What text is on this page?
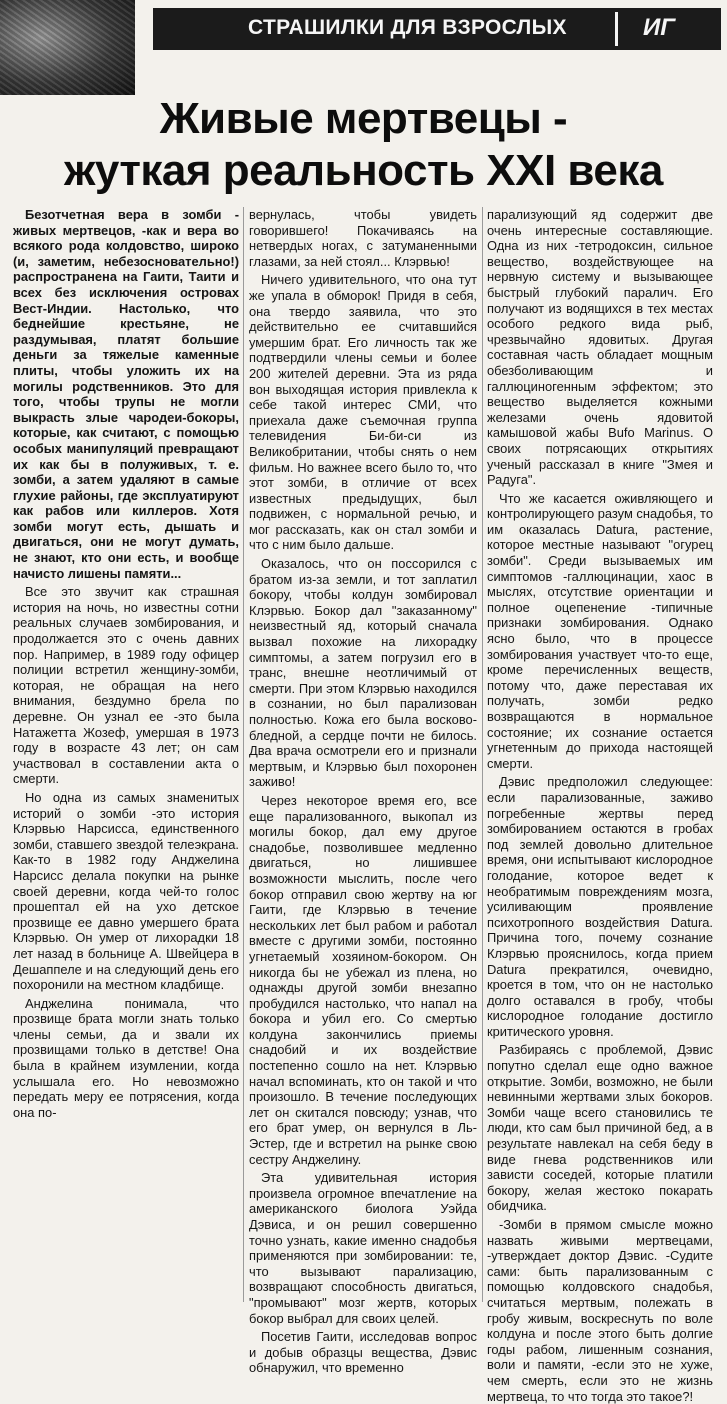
СТРАШИЛКИ ДЛЯ ВЗРОСЛЫХ	ИГ
Живые мертвецы -
жуткая реальность XXI века

Безотчетная вера в зомби - живых мертвецов, -как и вера во всякого рода колдовство, широко (и, заметим, небезосновательно!) распространена на Гаити, Таити и всех без исключения островах Вест-Индии. Настолько, что беднейшие крестьяне, не раздумывая, платят большие деньги за тяжелые каменные плиты, чтобы уложить их на могилы родственников. Это для того, чтобы трупы не могли выкрасть злые чародеи-бокоры, которые, как считают, с помощью особых манипуляций превращают их как бы в полуживых, т. е. зомби, а затем удаляют в самые глухие районы, где эксплуатируют как рабов или киллеров. Хотя зомби могут есть, дышать и двигаться, они не могут думать, не знают, кто они есть, и вообще начисто лишены памяти...

Все это звучит как страшная история на ночь, но известны сотни реальных случаев зомбирования, и продолжается это с очень давних пор. Например, в 1989 году офицер полиции встретил женщину-зомби, которая, не обращая на него внимания, бездумно брела по деревне. Он узнал ее -это была Натажетта Жозеф, умершая в 1973 году в возрасте 43 лет; он сам участвовал в составлении акта о смерти.

Но одна из самых знаменитых историй о зомби -это история Клэрвью Нарсисса, единственного зомби, ставшего звездой телеэкрана. Как-то в 1982 году Анджелина Нарсисс делала покупки на рынке своей деревни, когда чей-то голос прошептал ей на ухо детское прозвище ее давно умершего брата Клэрвью. Он умер от лихорадки 18 лет назад в больнице А. Швейцера в Дешаппеле и на следующий день его похоронили на местном кладбище.

Анджелина понимала, что прозвище брата могли знать только члены семьи, да и звали их прозвищами только в детстве! Она была в крайнем изумлении, когда услышала его. Но невозможно передать меру ее потрясения, когда она по-

вернулась, чтобы увидеть говорившего! Покачиваясь на нетвердых ногах, с затуманенными глазами, за ней стоял... Клэрвью!

Ничего удивительного, что она тут же упала в обморок! Придя в себя, она твердо заявила, что это действительно ее считавшийся умершим брат. Его личность так же подтвердили члены семьи и более 200 жителей деревни. Эта из ряда вон выходящая история привлекла к себе такой интерес СМИ, что приехала даже съемочная группа телевидения Би-би-си из Великобритании, чтобы снять о нем фильм. Но важнее всего было то, что этот зомби, в отличие от всех известных предыдущих, был подвижен, с нормальной речью, и мог рассказать, как он стал зомби и что с ним было дальше.

Оказалось, что он поссорился с братом из-за земли, и тот заплатил бокору, чтобы колдун зомбировал Клэрвью. Бокор дал "заказанному" неизвестный яд, который сначала вызвал похожие на лихорадку симптомы, а затем погрузил его в транс, внешне неотличимый от смерти. При этом Клэрвью находился в сознании, но был парализован полностью. Кожа его была восково-бледной, а сердце почти не билось. Два врача осмотрели его и признали мертвым, и Клэрвью был похоронен заживо!

Через некоторое время его, все еще парализованного, выкопал из могилы бокор, дал ему другое снадобье, позволившее медленно двигаться, но лишившее возможности мыслить, после чего бокор отправил свою жертву на юг Гаити, где Клэрвью в течение нескольких лет был рабом и работал вместе с другими зомби, постоянно угнетаемый хозяином-бокором. Он никогда бы не убежал из плена, но однажды другой зомби внезапно пробудился настолько, что напал на бокора и убил его. Со смертью колдуна закончились приемы снадобий и их воздействие постепенно сошло на нет. Клэрвью начал вспоминать, кто он такой и что произошло. В течение последующих лет он скитался повсюду; узнав, что его брат умер, он вернулся в Ль-Эстер, где и встретил на рынке свою сестру Анджелину.

Эта удивительная история произвела огромное впечатление на американского биолога Уэйда Дэвиса, и он решил совершенно точно узнать, какие именно снадобья применяются при зомбировании: те, что вызывают парализацию, возвращают способность двигаться, "промывают" мозг жертв, которых бокор выбрал для своих целей.

Посетив Гаити, исследовав вопрос и добыв образцы вещества, Дэвис обнаружил, что временно

парализующий яд содержит две очень интересные составляющие. Одна из них -тетродоксин, сильное вещество, воздействующее на нервную систему и вызывающее быстрый глубокий паралич. Его получают из водящихся в тех местах особого редкого вида рыб, чрезвычайно ядовитых. Другая составная часть обладает мощным обезболивающим и галлюциногенным эффектом; это вещество выделяется кожными железами очень ядовитой камышовой жабы Bufo Marinus. О своих потрясающих открытиях ученый рассказал в книге "Змея и Радуга".

Что же касается оживляющего и контролирующего разум снадобья, то им оказалась Datura, растение, которое местные называют "огурец зомби". Среди вызываемых им симптомов -галлюцинации, хаос в мыслях, отсутствие ориентации и полное оцепенение -типичные признаки зомбирования. Однако ясно было, что в процессе зомбирования участвует что-то еще, кроме перечисленных веществ, потому что, даже переставая их получать, зомби редко возвращаются в нормальное состояние; их сознание остается угнетенным до прихода настоящей смерти.

Дэвис предположил следующее: если парализованные, заживо погребенные жертвы перед зомбированием остаются в гробах под землей довольно длительное время, они испытывают кислородное голодание, которое ведет к необратимым повреждениям мозга, усиливающим проявление психотропного воздействия Datura. Причина того, почему сознание Клэрвью прояснилось, когда прием Datura прекратился, очевидно, кроется в том, что он не настолько долго оставался в гробу, чтобы кислородное голодание достигло критического уровня.

Разбираясь с проблемой, Дэвис попутно сделал еще одно важное открытие. Зомби, возможно, не были невинными жертвами злых бокоров. Зомби чаще всего становились те люди, кто сам был причиной бед, а в результате навлекал на себя беду в виде гнева родственников или зависти соседей, которые платили бокору, желая жестоко покарать обидчика.

-Зомби в прямом смысле можно назвать живыми мертвецами, -утверждает доктор Дэвис. -Судите сами: быть парализованным с помощью колдовского снадобья, считаться мертвым, полежать в гробу живым, воскреснуть по воле колдуна и после этого быть долгие годы рабом, лишенным сознания, воли и памяти, -если это не хуже, чем смерть, если это не жизнь мертвеца, то что тогда это такое?!
